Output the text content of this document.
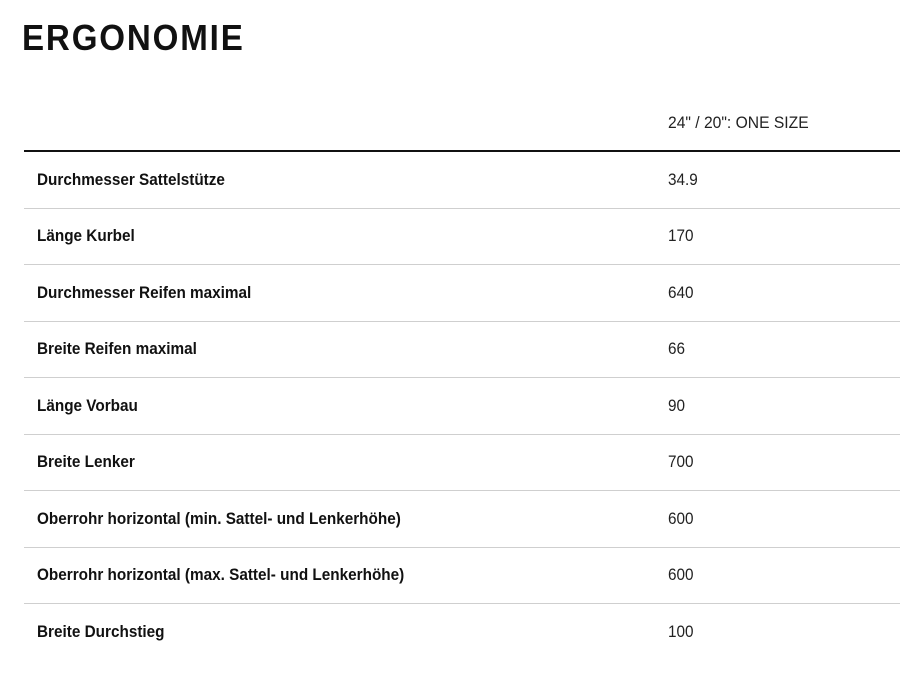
ERGONOMIE
	24" / 20": ONE SIZE
Durchmesser Sattelstütze	34.9
Länge Kurbel	170
Durchmesser Reifen maximal	640
Breite Reifen maximal	66
Länge Vorbau	90
Breite Lenker	700
Oberrohr horizontal (min. Sattel- und Lenkerhöhe)	600
Oberrohr horizontal (max. Sattel- und Lenkerhöhe)	600
Breite Durchstieg	100
